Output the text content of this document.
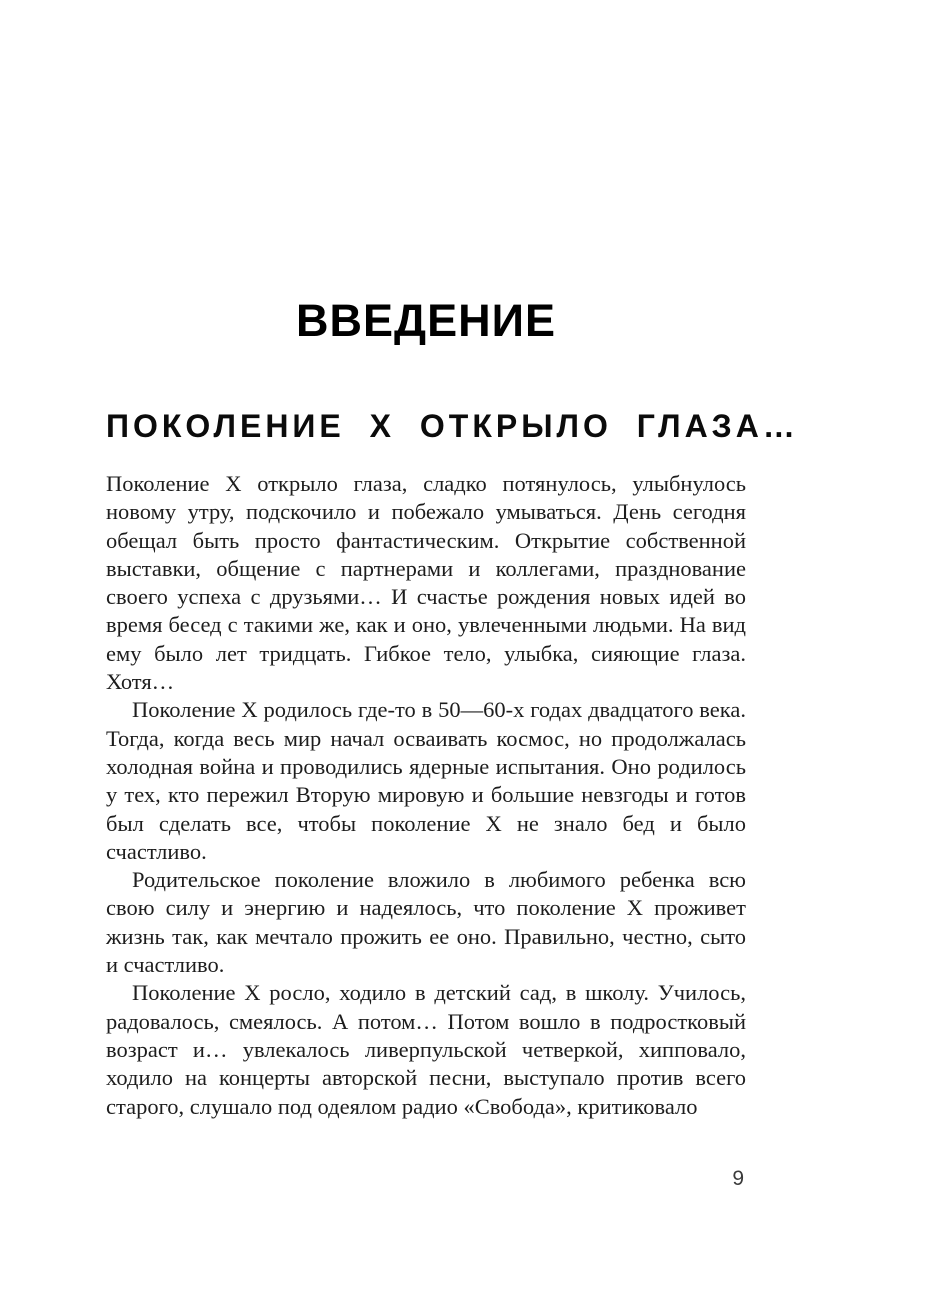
ВВЕДЕНИЕ
ПОКОЛЕНИЕ X ОТКРЫЛО ГЛАЗА…

Поколение X открыло глаза, сладко потянулось, улыбнулось новому утру, подскочило и побежало умываться. День сегодня обещал быть просто фантастическим. Открытие собственной выставки, общение с партнерами и коллегами, празднование своего успеха с друзьями… И счастье рождения новых идей во время бесед с такими же, как и оно, увлеченными людьми. На вид ему было лет тридцать. Гибкое тело, улыбка, сияющие глаза. Хотя…

Поколение X родилось где-то в 50—60-х годах двадцатого века. Тогда, когда весь мир начал осваивать космос, но продолжалась холодная война и проводились ядерные испытания. Оно родилось у тех, кто пережил Вторую мировую и большие невзгоды и готов был сделать все, чтобы поколение X не знало бед и было счастливо.

Родительское поколение вложило в любимого ребенка всю свою силу и энергию и надеялось, что поколение X проживет жизнь так, как мечтало прожить ее оно. Правильно, честно, сыто и счастливо.

Поколение X росло, ходило в детский сад, в школу. Училось, радовалось, смеялось. А потом… Потом вошло в подростковый возраст и… увлекалось ливерпульской четверкой, хипповало, ходило на концерты авторской песни, выступало против всего старого, слушало под одеялом радио «Свобода», критиковало

9
